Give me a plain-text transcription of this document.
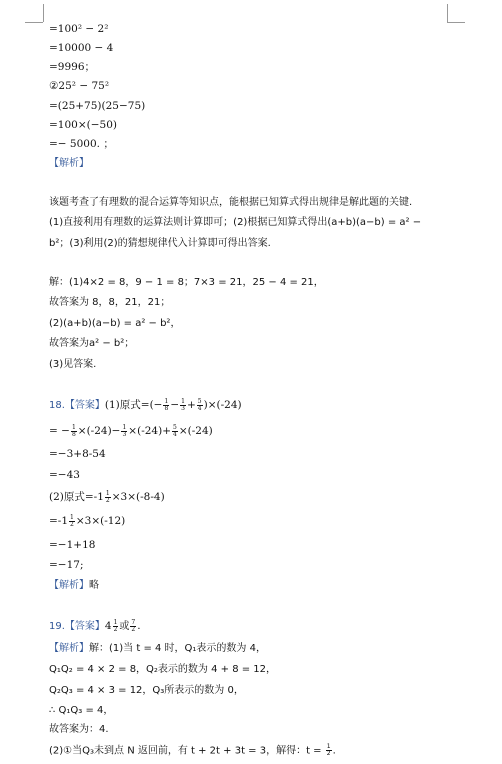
=100² − 2²
=10000 − 4
=9996；
②25² − 75²
=(25+75)(25−75)
=100×(−50)
=− 5000. ；
【解析】
该题考查了有理数的混合运算等知识点，能根据已知算式得出规律是解此题的关键.
(1)直接利用有理数的运算法则计算即可；(2)根据已知算式得出(a+b)(a−b) = a² −
b²；(3)利用(2)的猜想规律代入计算即可得出答案.
解：(1)4×2 = 8，9 − 1 = 8；7×3 = 21，25 − 4 = 21，
故答案为 8，8，21，21；
(2)(a+b)(a−b) = a² − b²，
故答案为a² − b²；
(3)见答案.
18.【答案】(1)原式=(− $\frac{1}{8} - \frac{1}{3} + \frac{5}{4} )\times(-24)$
= − $\frac{1}{8} \times(-24)- \frac{1}{3} \times(-24)+ \frac{5}{4} \times(-24)$
=−3+8-54
=−43
(2)原式$=-1 \frac{1}{2} \times 3\times(-8-4)$
$=-1 \frac{1}{2} \times 3\times(-12)$
=−1+18
=−17;
【解析】略
19.【答案】$4 \frac{1}{2}$ 或 $\frac{7}{2}$ .
【解析】解：(1)当 t = 4 时，Q₁表示的数为 4，
Q₁Q₂ = 4 × 2 = 8，Q₂表示的数为 4 + 8 = 12，
Q₂Q₃ = 4 × 3 = 12，Q₃所表示的数为 0，
∴ Q₁Q₃ = 4，
故答案为：4.
(2)①当Q₃未到点 N 返回前，有 t + 2t + 3t = 3，解得：$t = \frac{1}{2}$ .
